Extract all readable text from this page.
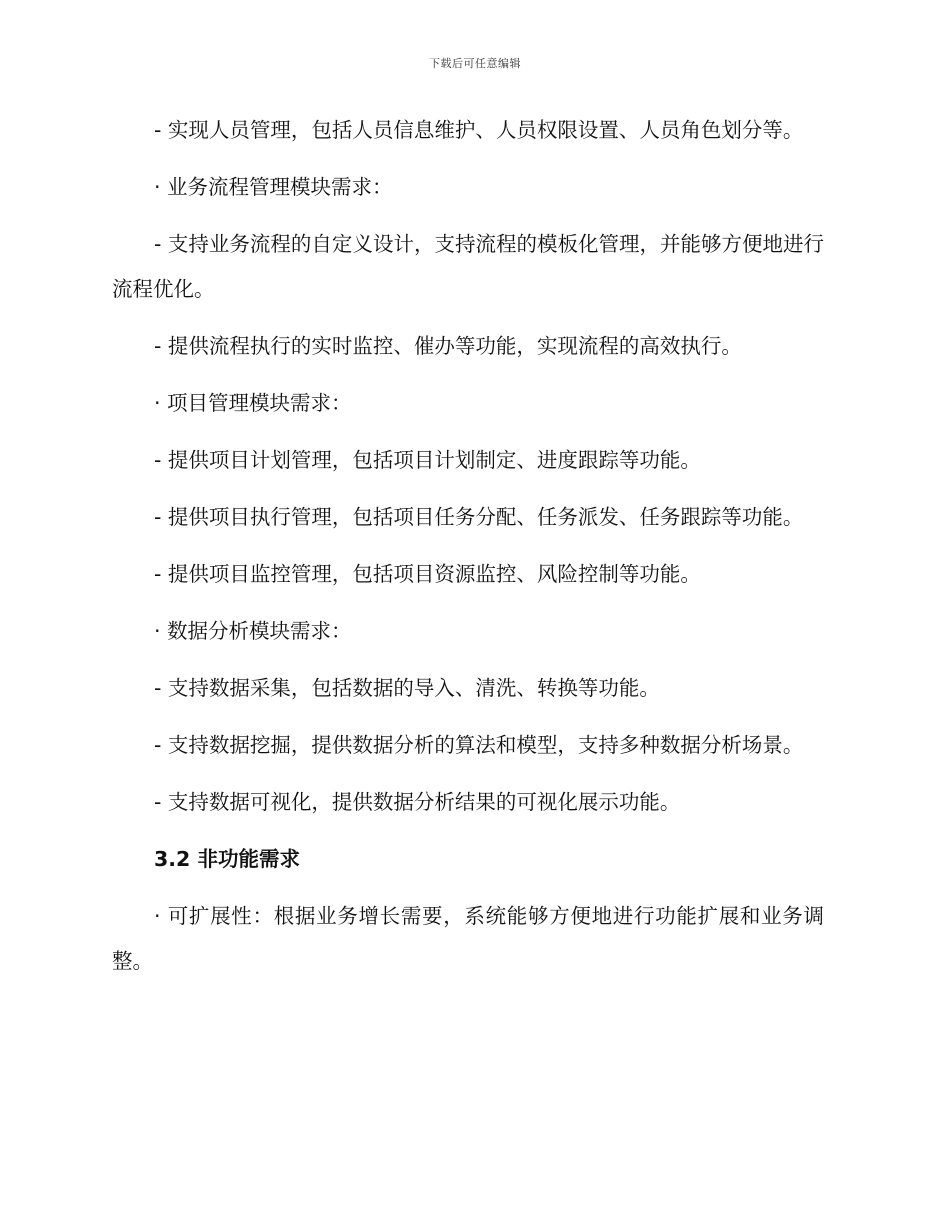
下载后可任意编辑

- 实现人员管理，包括人员信息维护、人员权限设置、人员角色划分等。

· 业务流程管理模块需求：

- 支持业务流程的自定义设计，支持流程的模板化管理，并能够方便地进行流程优化。

- 提供流程执行的实时监控、催办等功能，实现流程的高效执行。

· 项目管理模块需求：

- 提供项目计划管理，包括项目计划制定、进度跟踪等功能。

- 提供项目执行管理，包括项目任务分配、任务派发、任务跟踪等功能。

- 提供项目监控管理，包括项目资源监控、风险控制等功能。

· 数据分析模块需求：

- 支持数据采集，包括数据的导入、清洗、转换等功能。

- 支持数据挖掘，提供数据分析的算法和模型，支持多种数据分析场景。

- 支持数据可视化，提供数据分析结果的可视化展示功能。

3.2 非功能需求

· 可扩展性：根据业务增长需要，系统能够方便地进行功能扩展和业务调整。
